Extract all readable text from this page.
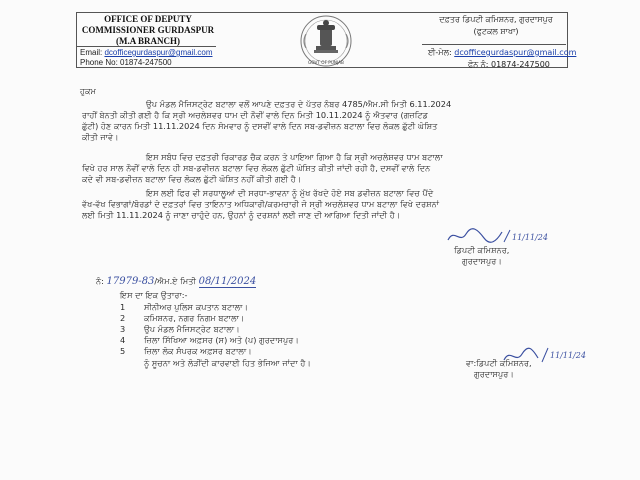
OFFICE OF DEPUTY
COMMISSIONER GURDASPUR
(M.A BRANCH)
Email: dcofficegurdaspur@gmail.com
Phone No: 01874-247500	GOVT OF PUNJAB
ਦਫ਼ਤਰ ਡਿਪਟੀ ਕਮਿਸ਼ਨਰ, ਗੁਰਦਾਸਪੁਰ
(ਫੁਟਕਲ ਸ਼ਾਖਾ)
ਈ-ਮੇਲ: dcofficegurdaspur@gmail.com
ਫੋਨ ਨੰ: 01874-247500
ਹੁਕਮ
ਉਪ ਮੰਡਲ ਮੈਜਿਸਟ੍ਰੇਟ ਬਟਾਲਾ ਵਲੋਂ ਆਪਣੇ ਦਫ਼ਤਰ ਦੇ ਪੱਤਰ ਨੰਬਰ 4785/ਐਮ.ਸੀ ਮਿਤੀ 6.11.2024
ਰਾਹੀਂ ਬੇਨਤੀ ਕੀਤੀ ਗਈ ਹੈ ਕਿ ਸ੍ਰੀ ਅਚਲੇਸ਼ਵਰ ਧਾਮ ਦੀ ਨੌਵੀਂ ਵਾਲੇ ਦਿਨ ਮਿਤੀ 10.11.2024 ਨੂੰ ਐਤਵਾਰ (ਗਜ਼ਟਿਡ
ਛੁੱਟੀ) ਹੋਣ ਕਾਰਨ ਮਿਤੀ 11.11.2024 ਦਿਨ ਸੋਮਵਾਰ ਨੂੰ ਦਸਵੀਂ ਵਾਲੇ ਦਿਨ ਸਬ-ਡਵੀਜ਼ਨ ਬਟਾਲਾ ਵਿਚ ਲੋਕਲ ਛੁੱਟੀ ਘੋਸ਼ਿਤ
ਕੀਤੀ ਜਾਵੇ।
ਇਸ ਸਬੰਧ ਵਿਚ ਦਫ਼ਤਰੀ ਰਿਕਾਰਡ ਚੈਕ ਕਰਨ ਤੇ ਪਾਇਆ ਗਿਆ ਹੈ ਕਿ ਸ੍ਰੀ ਅਚਲੇਸ਼ਵਰ ਧਾਮ ਬਟਾਲਾ
ਵਿਖੇ ਹਰ ਸਾਲ ਨੌਵੀਂ ਵਾਲੇ ਦਿਨ ਹੀ ਸਬ-ਡਵੀਜ਼ਨ ਬਟਾਲਾ ਵਿਚ ਲੋਕਲ ਛੁੱਟੀ ਘੋਸ਼ਿਤ ਕੀਤੀ ਜਾਂਦੀ ਰਹੀ ਹੈ, ਦਸਵੀਂ ਵਾਲੇ ਦਿਨ
ਕਦੇ ਵੀ ਸਬ-ਡਵੀਜ਼ਨ ਬਟਾਲਾ ਵਿਚ ਲੋਕਲ ਛੁੱਟੀ ਘੋਸ਼ਿਤ ਨਹੀਂ ਕੀਤੀ ਗਈ ਹੈ।
ਇਸ ਲਈ ਫਿਰ ਵੀ ਸਰਧਾਲੂਆਂ ਦੀ ਸਰਧਾ-ਭਾਵਨਾ ਨੂੰ ਮੁੱਖ ਰੱਖਦੇ ਹੋਏ ਸਬ ਡਵੀਜ਼ਨ ਬਟਾਲਾ ਵਿਚ ਪੈਂਦੇ
ਵੱਖ-ਵੱਖ ਵਿਭਾਗਾਂ/ਬੋਰਡਾਂ ਦੇ ਦਫ਼ਤਰਾਂ ਵਿਚ ਤਾਇਨਾਤ ਅਧਿਕਾਰੀ/ਕਰਮਚਾਰੀ ਜੋ ਸ੍ਰੀ ਅਚਲੇਸ਼ਵਰ ਧਾਮ ਬਟਾਲਾ ਵਿਖੇ ਦਰਸ਼ਨਾਂ
ਲਈ ਮਿਤੀ 11.11.2024 ਨੂੰ ਜਾਣਾ ਚਾਹੁੰਦੇ ਹਨ, ਉਹਨਾਂ ਨੂੰ ਦਰਸ਼ਨਾਂ ਲਈ ਜਾਣ ਦੀ ਆਗਿਆ ਦਿਤੀ ਜਾਂਦੀ ਹੈ।
11/11/24
ਡਿਪਟੀ ਕਮਿਸ਼ਨਰ,
ਗੁਰਦਾਸਪੁਰ।
ਨੰ: 17979-83/ਐਮ.ਏ ਮਿਤੀ 08/11/2024
ਇਸ ਦਾ ਇਕ ਉਤਾਰਾ:-
1 ਸੀਨੀਅਰ ਪੁਲਿਸ ਕਪਤਾਨ ਬਟਾਲਾ।
2 ਕਮਿਸ਼ਨਰ, ਨਗਰ ਨਿਗਮ ਬਟਾਲਾ।
3 ਉਪ ਮੰਡਲ ਮੈਜਿਸਟ੍ਰੇਟ ਬਟਾਲਾ।
4 ਜ਼ਿਲਾ ਸਿੱਖਿਆ ਅਫ਼ਸਰ (ਸ) ਅਤੇ (ਪ) ਗੁਰਦਾਸਪੁਰ।
5 ਜ਼ਿਲਾ ਲੋਕ ਸੰਪਰਕ ਅਫ਼ਸਰ ਬਟਾਲਾ।
ਨੂੰ ਸੂਚਨਾ ਅਤੇ ਲੋੜੀਂਦੀ ਕਾਰਵਾਈ ਹਿਤ ਭੇਜਿਆ ਜਾਂਦਾ ਹੈ।
11/11/24
ਵਾ:ਡਿਪਟੀ ਕਮਿਸ਼ਨਰ,
ਗੁਰਦਾਸਪੁਰ।
